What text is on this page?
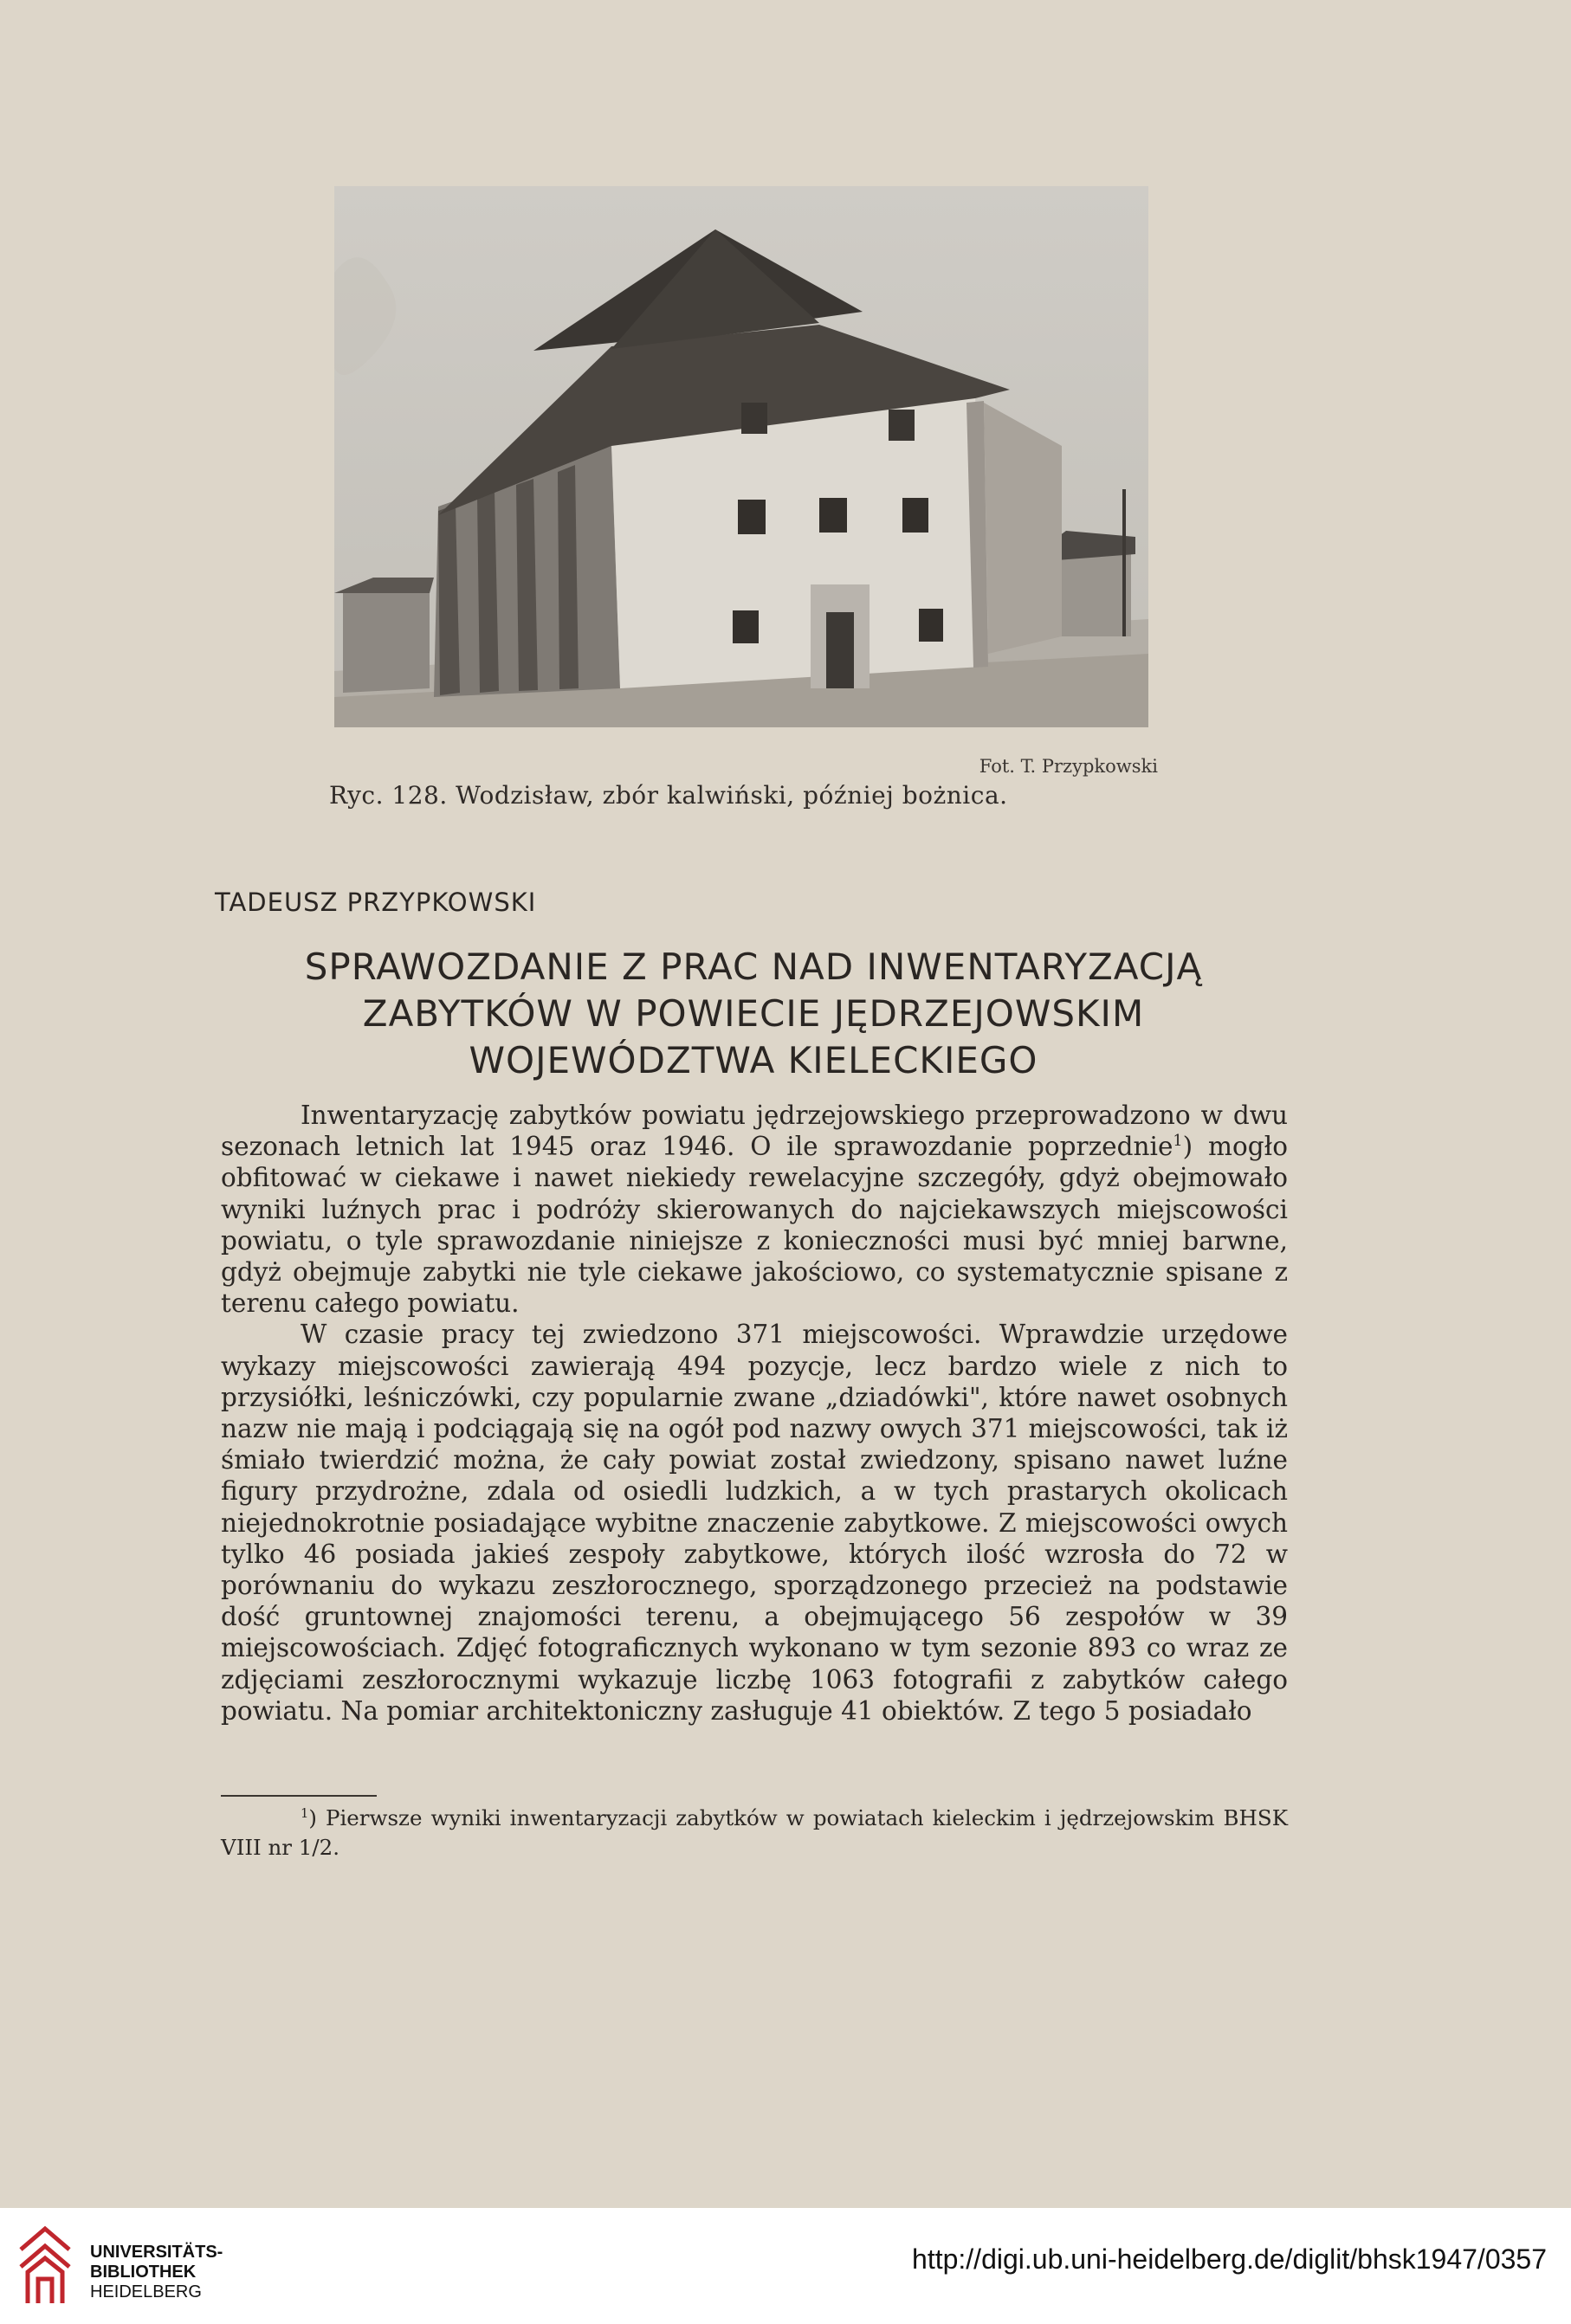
Fot. T. Przypkowski
Ryc. 128. Wodzisław, zbór kalwiński, później bożnica.
TADEUSZ PRZYPKOWSKI
SPRAWOZDANIE Z PRAC NAD INWENTARYZACJĄ
ZABYTKÓW W POWIECIE JĘDRZEJOWSKIM
WOJEWÓDZTWA KIELECKIEGO

Inwentaryzację zabytków powiatu jędrzejowskiego przeprowadzono w dwu sezonach letnich lat 1945 oraz 1946. O ile sprawozdanie poprzednie$^1$) mogło obfitować w ciekawe i nawet niekiedy rewelacyjne szczegóły, gdyż obejmowało wyniki luźnych prac i podróży skierowanych do najciekawszych miejscowości powiatu, o tyle sprawozdanie niniejsze z konieczności musi być mniej barwne, gdyż obejmuje zabytki nie tyle ciekawe jakościowo, co systematycznie spisane z terenu całego powiatu.

W czasie pracy tej zwiedzono 371 miejscowości. Wprawdzie urzędowe wykazy miejscowości zawierają 494 pozycje, lecz bardzo wiele z nich to przysiółki, leśniczówki, czy popularnie zwane „dziadówki", które nawet osobnych nazw nie mają i podciągają się na ogół pod nazwy owych 371 miejscowości, tak iż śmiało twierdzić można, że cały powiat został zwiedzony, spisano nawet luźne figury przydrożne, zdala od osiedli ludzkich, a w tych prastarych okolicach niejednokrotnie posiadające wybitne znaczenie zabytkowe. Z miejscowości owych tylko 46 posiada jakieś zespoły zabytkowe, których ilość wzrosła do 72 w porównaniu do wykazu zeszłorocznego, sporządzonego przecież na podstawie dość gruntownej znajomości terenu, a obejmującego 56 zespołów w 39 miejscowościach. Zdjęć fotograficznych wykonano w tym sezonie 893 co wraz ze zdjęciami zeszłorocznymi wykazuje liczbę 1063 fotografii z zabytków całego powiatu. Na pomiar architektoniczny zasługuje 41 obiektów. Z tego 5 posiadało

$^1$) Pierwsze wyniki inwentaryzacji zabytków w powiatach kieleckim i jędrzejowskim BHSK VIII nr 1/2.
UNIVERSITÄTS-
BIBLIOTHEK
HEIDELBERG
http://digi.ub.uni-heidelberg.de/diglit/bhsk1947/0357
